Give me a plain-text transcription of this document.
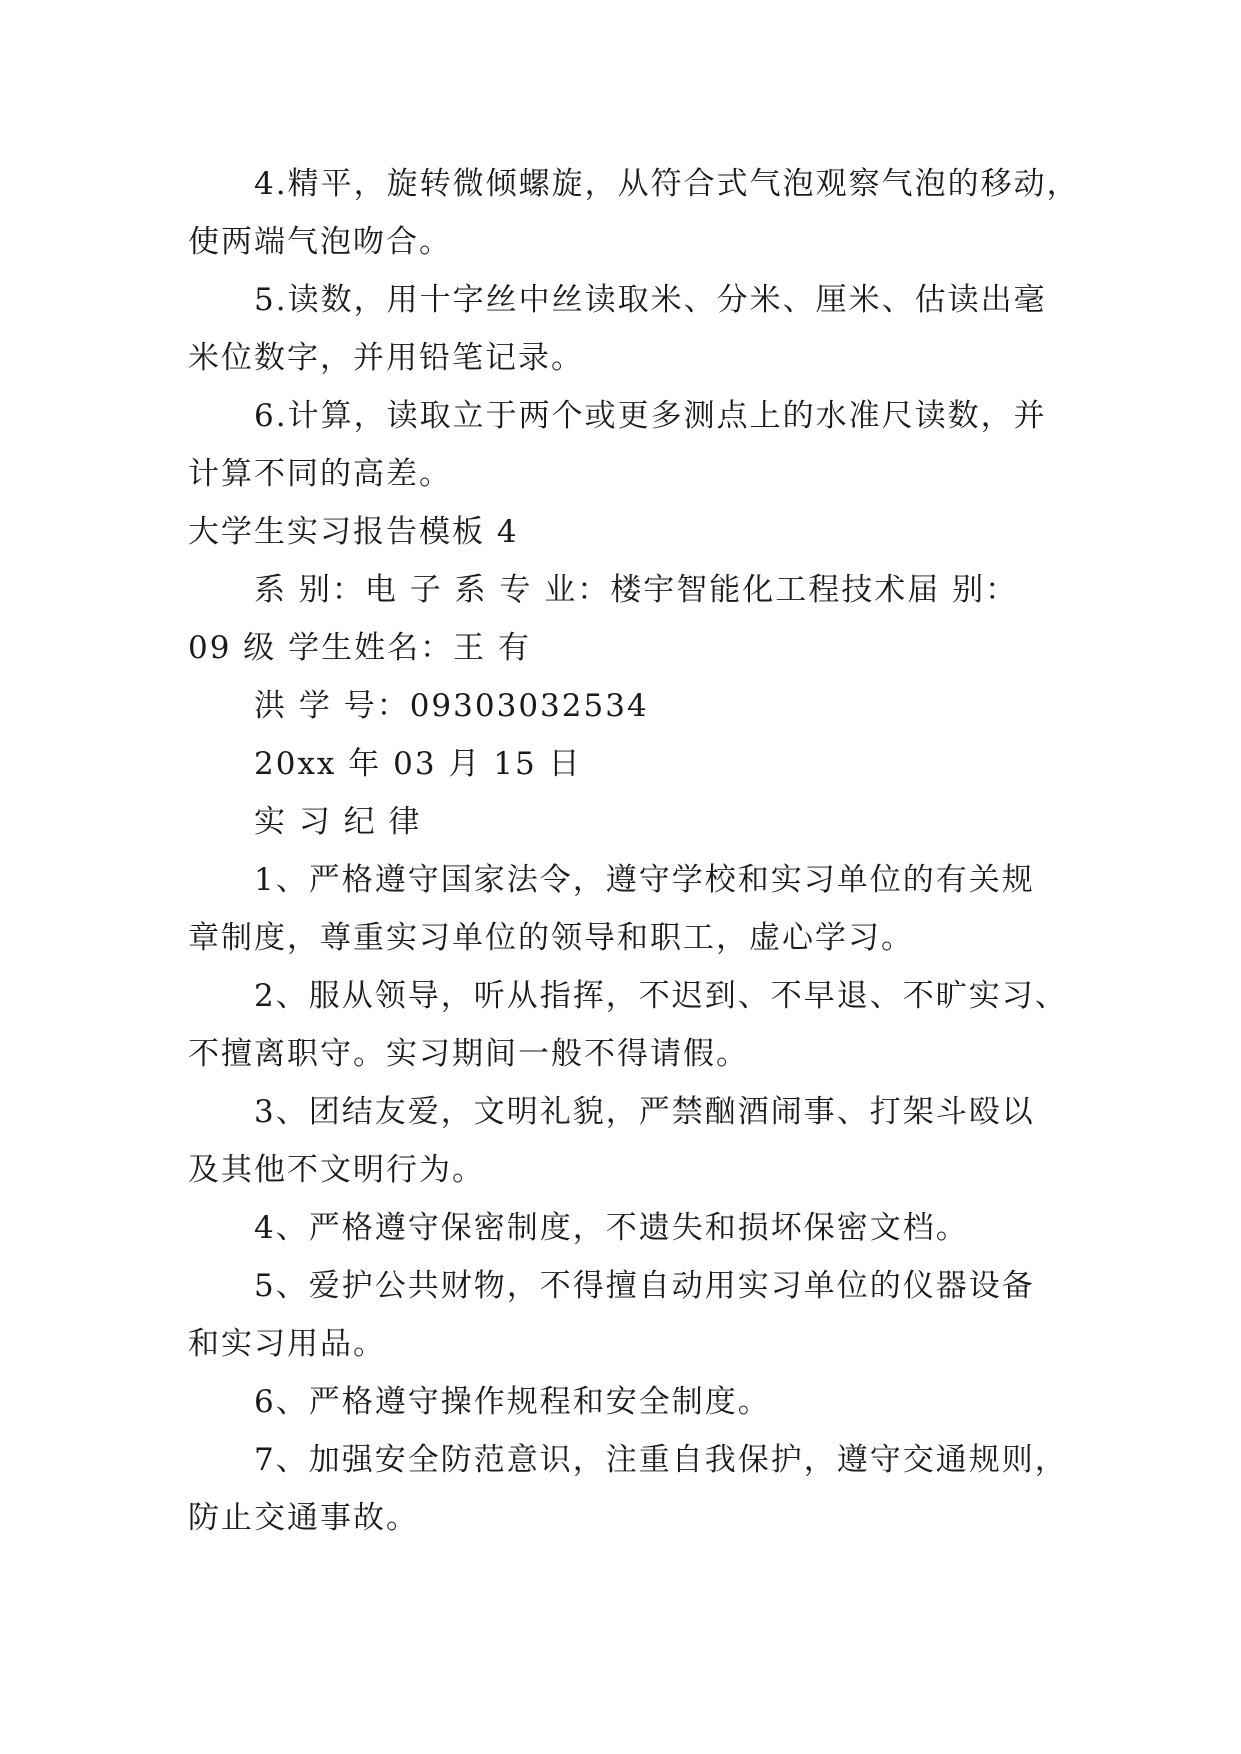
4.精平，旋转微倾螺旋，从符合式气泡观察气泡的移动，
使两端气泡吻合。
5.读数，用十字丝中丝读取米、分米、厘米、估读出毫
米位数字，并用铅笔记录。
6.计算，读取立于两个或更多测点上的水准尺读数，并
计算不同的高差。
大学生实习报告模板 4
系 别：电 子 系 专 业：楼宇智能化工程技术届 别：
09 级 学生姓名：王 有
洪 学 号：09303032534
20xx 年 03 月 15 日
实 习 纪 律
1、严格遵守国家法令，遵守学校和实习单位的有关规
章制度，尊重实习单位的领导和职工，虚心学习。
2、服从领导，听从指挥，不迟到、不早退、不旷实习、
不擅离职守。实习期间一般不得请假。
3、团结友爱，文明礼貌，严禁酗酒闹事、打架斗殴以
及其他不文明行为。
4、严格遵守保密制度，不遗失和损坏保密文档。
5、爱护公共财物，不得擅自动用实习单位的仪器设备
和实习用品。
6、严格遵守操作规程和安全制度。
7、加强安全防范意识，注重自我保护，遵守交通规则，
防止交通事故。
